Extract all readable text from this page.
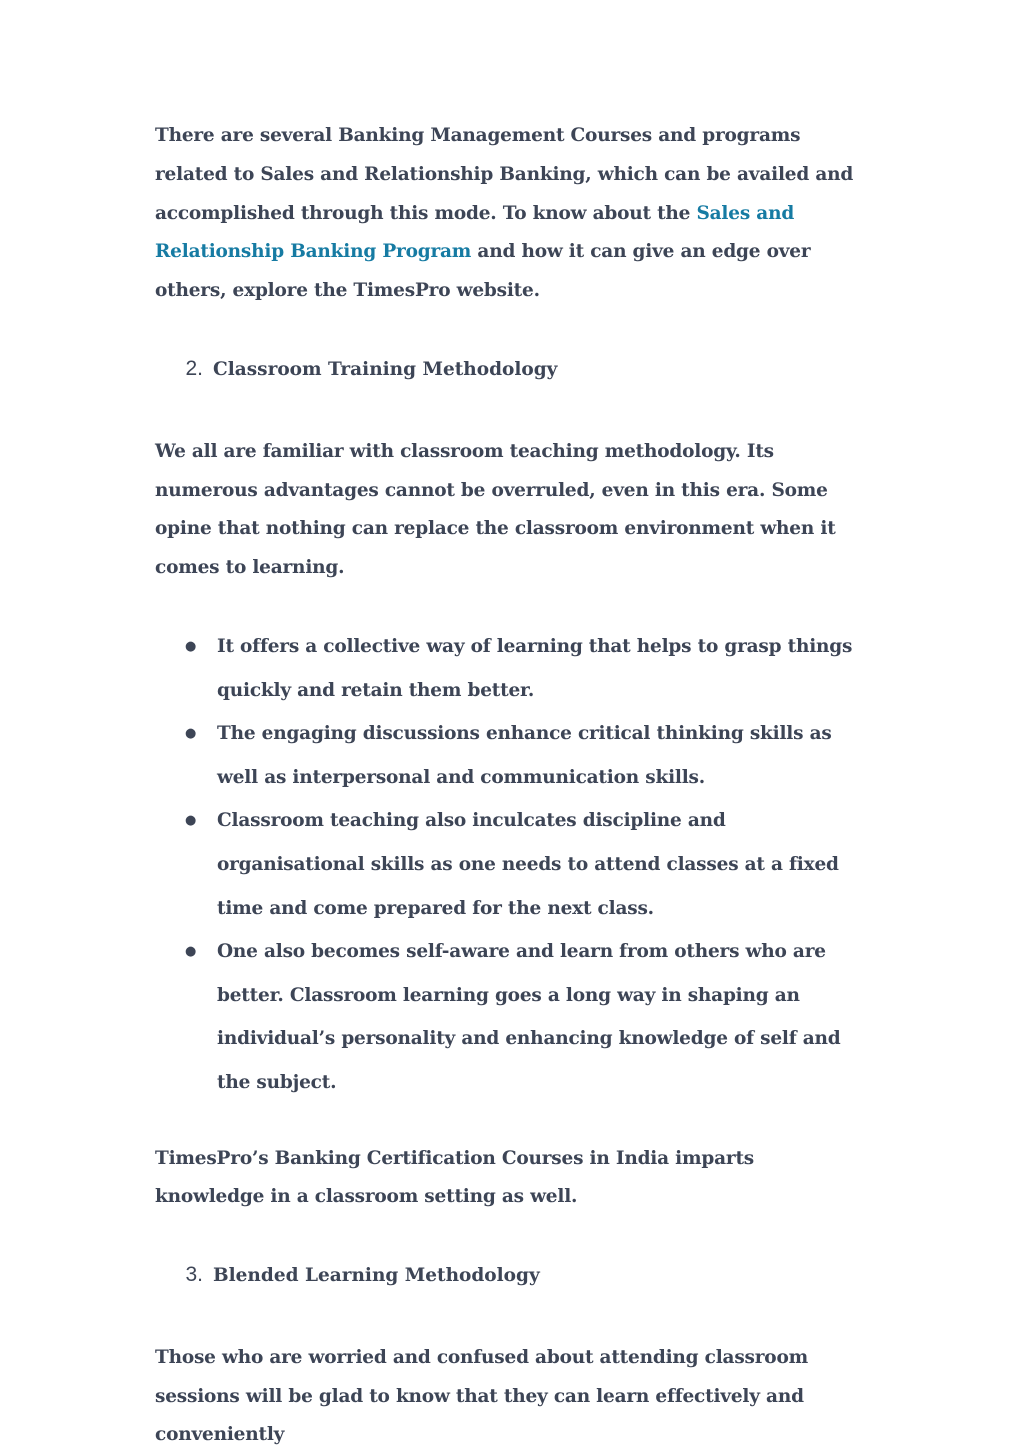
There are several Banking Management Courses and programs related to Sales and Relationship Banking, which can be availed and accomplished through this mode. To know about the Sales and Relationship Banking Program and how it can give an edge over others, explore the TimesPro website.

2. Classroom Training Methodology

We all are familiar with classroom teaching methodology. Its numerous advantages cannot be overruled, even in this era. Some opine that nothing can replace the classroom environment when it comes to learning.

● It offers a collective way of learning that helps to grasp things quickly and retain them better.
● The engaging discussions enhance critical thinking skills as well as interpersonal and communication skills.
● Classroom teaching also inculcates discipline and organisational skills as one needs to attend classes at a fixed time and come prepared for the next class.
● One also becomes self-aware and learn from others who are better. Classroom learning goes a long way in shaping an individual’s personality and enhancing knowledge of self and the subject.

TimesPro’s Banking Certification Courses in India imparts knowledge in a classroom setting as well.

3. Blended Learning Methodology

Those who are worried and confused about attending classroom sessions will be glad to know that they can learn effectively and conveniently
